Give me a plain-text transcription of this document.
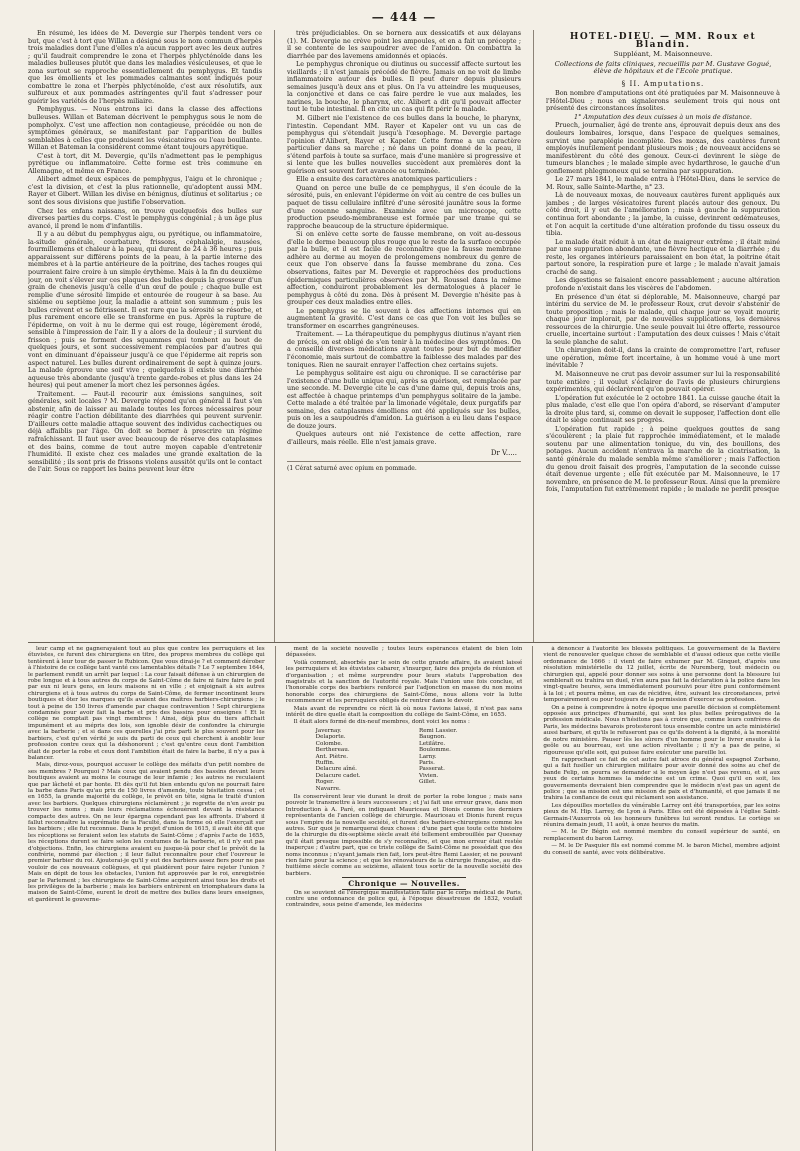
— 444 —

En résumé, les idées de M. Devergie sur l'herpès tendent vers ce but, que c'est à tort que Willan a désigné sous le nom commun d'herpès trois maladies dont l'une d'elles n'a aucun rapport avec les deux autres ; qu'il faudrait comprendre le zona et l'herpès phlycténoïde dans les maladies bulleuses plutôt que dans les maladies vésiculeuses, et que le zona surtout se rapproche essentiellement du pemphygus. Et tandis que les émollients et les pommades calmantes sont indiqués pour combattre le zona et l'herpès phlycténoïde, c'est aux résolutifs, aux sulfureux et aux pommades astringentes qu'il faut s'adresser pour guérir les variétés de l'herpès miliaire.

Pemphygus. — Nous entrons ici dans la classe des affections bulleuses. Willan et Bateman décrivent le pemphygus sous le nom de pompholyx. C'est une affection non contagieuse, précédée ou non de symptômes généraux, se manifestant par l'apparition de bulles semblables à celles que produisent les vésicatoires ou l'eau bouillante. Willan et Bateman la considèrent comme étant toujours apyrétique.

C'est à tort, dit M. Devergie, qu'ils n'admettent pas le pemphigus pyrétique ou inflammatoire. Cette forme est très commune en Allemagne, et même en France.

Alibert admet deux espèces de pemphygus, l'aigu et le chronique ; c'est la division, et c'est la plus rationnelle, qu'adoptent aussi MM. Rayer et Gibert. Willan les divise en bénignus, diutinus et solitarius ; ce sont des sous divisions que justifie l'observation.

Chez les enfans naissans, on trouve quelquefois des bulles sur diverses parties du corps. C'est le pemphygus congénial ; à un âge plus avancé, il prend le nom d'infantilis.

Il y a au début du pemphygus aigu, ou pyrétique, ou inflammatoire, la-situde générale, courbature, frissons, céphalalgie, nausées, fourmillemens et chaleur à la peau, qui durent de 24 à 36 heures ; puis apparaissent sur différens points de la peau, à la partie interne des membres et à la partie antérieure de la poitrine, des taches rouges qui pourraient faire croire à un simple érythème. Mais à la fin du deuxième jour, on voit s'élever sur ces plaques des bulles depuis la grosseur d'un grain de chenevis jusqu'à celle d'un œuf de poule ; chaque bulle est remplie d'une sérosité limpide et entourée de rougeur à sa base. Au sixième ou septième jour, la maladie a atteint son summum ; puis les bulles crèvent et se flétrissent. Il est rare que la sérosité se résorbe, et plus rarement encore elle se transforme en pus. Après la rupture de l'épiderme, on voit à nu le derme qui est rouge, légèrement érodé, sensible à l'impression de l'air. Il y a alors de la douleur ; il survient du frisson ; puis se forment des squammes qui tombent au bout de quelques jours, et sont successivement remplacées par d'autres qui vont en diminuant d'épaisseur jusqu'à ce que l'épiderme ait repris son aspect naturel. Les bulles durent ordinairement de sept à quinze jours. La malade éprouve une soif vive ; quelquefois il existe une diarrhée aqueuse très abondante (jusqu'à trente garde-robes et plus dans les 24 heures) qui peut amener la mort chez les personnes âgées.

Traitement. — Faut-il recourir aux émissions sanguines, soit générales, soit locales ? M. Devergie répond qu'en général il faut s'en abstenir, afin de laisser au malade toutes les forces nécessaires pour réagir contre l'action débilitante des diarrhées qui peuvent survenir. D'ailleurs cette maladie attaque souvent des individus cachectiques ou déjà affaiblis par l'âge. On doit se borner à prescrire un régime rafraîchissant. Il faut user avec beaucoup de réserve des cataplasmes et des bains, comme de tout autre moyen capable d'entretenir l'humidité. Il existe chez ces malades une grande exaltation de la sensibilité ; ils sont pris de frissons violens aussitôt qu'ils ont le contact de l'air. Sous ce rapport les bains peuvent leur être

très préjudiciables. On se bornera aux dessicatifs et aux délayans (1). M. Devergie ne crève point les ampoules, et en a fait un précepte ; il se contente de les saupoudrer avec de l'amidon. On combattra la diarrhée par des lavemens amidonnés et opiacés.

Le pemphygus chronique ou diutinus ou successif affecte surtout les vieillards ; il n'est jamais précédé de fièvre. Jamais on ne voit de limbe inflammatoire autour des bulles. Il peut durer depuis plusieurs semaines jusqu'à deux ans et plus. On l'a vu atteindre les muqueuses, la conjonctive et dans ce cas faire perdre le vue aux malades, les narines, la bouche, le pharynx, etc. Alibert a dit qu'il pouvait affecter tout le tube intestinal. Il en cite un cas qui fit périr le malade.

M. Gilbert nie l'existence de ces bulles dans la bouche, le pharynx, l'intestin. Cependant MM. Rayer et Kapeler ont vu un cas de pemphygus qui s'étendait jusqu'à l'œsophage. M. Devergie partage l'opinion d'Alibert, Rayer et Kapeler. Cette forme a un caractère particulier dans sa marche ; né dans un point donné de la peau, il s'étend parfois à toute sa surface, mais d'une manière si progressive et si lente que les bulles nouvelles succèdent aux premières dont la guérison est souvent fort avancée ou terminée.

Elle a ensuite des caractères anatomiques particuliers :

Quand on perce une bulle de ce pemphygus, il s'en écoule de la sérosité, puis, en enlevant l'épiderme on voit au centre de ces bulles un paquet de tissu cellulaire infiltré d'une sérosité jaunâtre sous la forme d'une couenne sanguine. Examinée avec un microscope, cette production pseudo-membraneuse est formée par une trame qui se rapproche beaucoup de la structure épidermique.

Si on enlève cette sorte de fausse membrane, on voit au-dessous d'elle le derme beaucoup plus rouge que le reste de la surface occupée par la bulle, et il est facile de reconnaître que la fausse membrane adhère au derme au moyen de prolongemens nombreux du genre de ceux que l'on observe dans la fausse membrane du zona. Ces observations, faites par M. Devergie et rapprochées des productions épidermiques particulières observées par M. Roussel dans la même affection, conduiront probablement les dermatologues à placer le pemphygus à côté du zona. Dès à présent M. Devergie n'hésite pas à grouper ces deux maladies entre elles.

Le pemphygus se lie souvent à des affections internes qui en augmentent la gravité. C'est dans ce cas que l'on voit les bulles se transformer en escarrhes gangréneuses.

Traitement. — La thérapeutique du pemphygus diutinus n'ayant rien de précis, on est obligé de s'en tenir à la médecine des symptômes. On a conseillé diverses médications ayant toutes pour but de modifier l'économie, mais surtout de combattre la faiblesse des malades par des toniques. Rien ne saurait enrayer l'affection chez certains sujets.

Le pemphygus solitaire est aigu ou chronique. Il se caractérise par l'existence d'une bulle unique qui, après sa guérison, est remplacée par une seconde. M. Devergie cite le cas d'une dame qui, depuis trois ans, est affectée à chaque printemps d'un pemphygus solitaire de la jambe. Cette malade a été traitée par la limonade végétale, deux purgatifs par semaine, des cataplasmes émolliens ont été appliqués sur les bulles, puis on les a saupoudrés d'amidon. La guérison a eu lieu dans l'espace de douze jours.

Quelques auteurs ont nié l'existence de cette affection, rare d'ailleurs, mais réelle. Elle n'est jamais grave.

Dr V.....
(1 Cérat saturné avec opium en pommade.
HOTEL-DIEU. — MM. Roux et Blandin.
Suppléant, M. Maisonneuve.
Collections de faits cliniques, recueillis par M. Gustave Gogué, élève de hôpitaux et de l'Ecole pratique.
§ II. Amputations.

Bon nombre d'amputations ont été pratiquées par M. Maisonneuve à l'Hôtel-Dieu ; nous en signalerons seulement trois qui nous ont présenté des circonstances insolites.

1° Amputation des deux cuisses à un mois de distance.

Pruech, journalier, âgé de trente ans, éprouvait depuis deux ans des douleurs lombaires, lorsque, dans l'espace de quelques semaines, survint une paraplégie incomplète. Des moxas, des cautères furent employés inutilement pendant plusieurs mois ; de nouveaux accidens se manifestèrent du côté des genoux. Ceux-ci devinrent le siège de tumeurs blanches ; le malade simple avec hydarthrose, le gauche d'un gonflement phlegmoneux qui se termina par suppuration.

Le 27 mars 1841, le malade entra à l'Hôtel-Dieu, dans le service de M. Roux, salle Sainte-Marthe, n° 23.

Là de nouveaux moxas, de nouveaux cautères furent appliqués aux jambes ; de larges vésicatoires furent placés autour des genoux. Du côté droit, il y eut de l'amélioration ; mais à gauche la suppuration continua fort abondante ; la jambe, la cuisse, devinrent œdémateuses, et l'on acquit la certitude d'une altération profonde du tissu osseux du tibia.

Le malade était réduit à un état de maigreur extrême ; il était miné par une suppuration abondante, une fièvre hectique et la diarrhée ; du reste, les organes intérieurs paraissaient en bon état, la poitrine était partout sonore, la respiration pure et large ; le malade n'avait jamais craché de sang.

Les digestions se faisaient encore passablement ; aucune altération profonde n'existait dans les viscères de l'abdomen.

En présence d'un état si déplorable, M. Maisonneuve, chargé par intérim du service de M. le professeur Roux, crut devoir s'abstenir de toute proposition ; mais le malade, qui chaque jour se voyait mourir, chaque jour implorait, par de nouvelles supplications, les dernières ressources de la chirurgie. Une seule pouvait lui être offerte, ressource cruelle, incertaine surtout : l'amputation des deux cuisses ! Mais c'était la seule planche de salut.

Un chirurgien doit-il, dans la crainte de compromettre l'art, refuser une opération, même fort incertaine, à un homme voué à une mort inévitable ?

M. Maisonneuve ne crut pas devoir assumer sur lui la responsabilité toute entière ; il voulut s'éclairer de l'avis de plusieurs chirurgiens expérimentés, qui déclarèrent qu'on pouvait opérer.

L'opération fut exécutée le 2 octobre 1841. La cuisse gauche était la plus malade, c'est elle que l'on opéra d'abord, se réservant d'amputer la droite plus tard, si, comme on devait le supposer, l'affection dont elle était le siège continuait ses progrès.

L'opération fut rapide ; à peine quelques gouttes de sang s'écoulèrent ; la plaie fut rapprochée immédiatement, et le malade soutenu par une alimentation tonique, du vin, des bouillons, des potages. Aucun accident n'entrava la marche de la cicatrisation, la santé générale du malade sembla même s'améliorer ; mais l'affection du genou droit faisait des progrès, l'amputation de la seconde cuisse était devenue urgente ; elle fut exécutée par M. Maisonneuve, le 17 novembre, en présence de M. le professeur Roux. Ainsi que la première fois, l'amputation fut extrêmement rapide ; le malade ne perdit presque

leur camp et ne gagnerayaient tout au plus que contre les perruquiers et les étuvistes, ce furent des chirurgiens en titre, des propres membres du collège qui tentèrent à leur tour de passer le Rubicon. Que vous dirai-je ? et comment dérober à l'histoire de ce collège tant vanté ces lamentables détails ? Le 7 septembre 1644, le parlement rendit un arrêt par lequel : La cour faisait défense à un chirurgien de robe longue et à tous autres du corps de Saint-Côme de faire ni faire faire le poil par eux ni leurs gens, en leurs maisons ni en ville ; et enjoignait à six autres chirurgiens et à tous autres du corps de Saint-Côme, de fermer incontinent leurs boutiques et ôter les marques qu'ils avaient des maîtres barbiers-chirurgiens ; le tout à peine de 150 livres d'amende par chaque contravention ! Sept chirurgiens condamnés pour avoir fait la barbe et pris des bassins pour enseignes ! Et le collège ne comptait pas vingt membres ! Ainsi, déjà plus du tiers affichait impunément et au mépris des lois, son ignoble désir de confondre la chirurgie avec la barberie ; et si dans ces querelles j'ai pris parti le plus souvent pour les barbiers, c'est qu'en vérité je suis du parti de ceux qui cherchent à anoblir leur profession contre ceux qui la déshonorent ; c'est qu'entre ceux dont l'ambition était de porter la robe et ceux dont l'ambition était de faire la barbe, il n'y a pas à balancer.

Mais, direz-vous, pourquoi accuser le collège des méfaits d'un petit nombre de ses membres ? Pourquoi ? Mais ceux qui avaient pendu des bassins devant leurs boutiques avaient au moins le courage de leur infamie ; les autres ne reculaient que par lâcheté et par honte. Et dès qu'il fut bien entendu qu'on ne pourrait faire la barbe dans Paris qu'au prix de 150 livres d'amende, toute hésitation cessa ; et en 1655, la grande majorité du collège, le prévôt en tête, signa le traité d'union avec les barbiers. Quelques chirurgiens réclamèrent ; je regrette de n'en avoir pu trouver les noms ; mais leurs réclamations échouèrent devant la résistance compacte des autres. On ne leur épargna cependant pas les affronts. D'abord il fallut reconnaître la suprématie de la Faculté, dans la forme où elle l'exerçait sur les barbiers ; elle fut reconnue. Dans le projet d'union de 1615, il avait été dit que les réceptions se feraient selon les statuts de Saint-Côme ; d'après l'acte de 1655, les réceptions durent se faire selon les coutumes de la barberie, et il n'y eut pas d'objections. Enfin, les chirurgiens avaient eu jusque-là pour chef le prévôt de la confrérie, nommé par élection ; il leur fallut reconnaître pour chef l'ouvreur le premier barbier du roi. Ajouterai-je qu'il y eut des barbiers assez fiers pour ne pas vouloir de ces nouveaux collègues, et qui plaidèrent pour faire rejeter l'union ? Mais en dépit de tous les obstacles, l'union fut approuvée par le roi, enregistrée par le Parlement ; les chirurgiens de Saint-Côme acquirent ainsi tous les droits et les privilèges de la barberie ; mais les barbiers entrèrent en triomphateurs dans la maison de Saint-Côme, eurent le droit de mettre des bulles dans leurs enseignes, et gardèrent le gouverne-

ment de la société nouvelle ; toutes leurs espérances étaient de bien loin dépassées.

Voilà comment, absorbés par le soin de cette grande affaire, ils avaient laissé les perruquiers et les étuvistes cabarer, s'insurger, faire des projets de réunion et d'organisation ; et même surprendre pour leurs statuts l'approbation des magistrats et la sanction de l'autorité royale. Mais l'union une fois conclue, et l'honorable corps des barbiers renforcé par l'adjonction en masse du non moins honorable corps des chirurgiens de Saint-Côme, nous allons voir la lutte recommencer et les perruquiers obligés de rentrer dans le devoir.

Mais avant de reprendre ce récit là où nous l'avions laissé, il n'est pas sans intérêt de dire quelle était la composition du collège de Saint-Côme, en 1655.

Il était alors formé de dix-neuf membres, dont voici les noms :

Javernay.	Remi Lassier.
Delaporte.	Baugnon.
Colombe.	Letilâtre.
Berthereau.	Boulomme.
Ant. Piètre.	Larny.
Ruffin.	Paris.
Delacure aîné.	Passerat.
Delacure cadet.	Vivien.
Roger.	Gillet.
Navarre.

Ils conservèrent leur vie durant le droit de porter la robe longue ; mais sans pouvoir le transmettre à leurs successeurs ; et j'ai fait une erreur grave, dans mon Introduction à A. Paré, en indiquant Mauriceau et Dionis comme les derniers représentants de l'ancien collège de chirurgie. Mauriceau et Dionis furent reçus sous l'empire de la nouvelle société, et furent des barbiers-chirurgiens comme les autres. Sur quoi je remarquerai deux choses : d'une part que toute cette histoire de la chirurgie du dix-septième siècle avait été tellement embrouillée par Quesnay qu'il était presque impossible de s'y reconnaître, et que mon erreur était restée inaperçue ; d'autre part, que ce triste collège de Saint-Côme ne possédait que des noms inconnus ; n'ayant jamais rien fait, lors peut-être Remi Lassier, et ne pouvant rien faire pour la science ; et que les rénovateurs de la chirurgie française, au dix-huitième siècle comme au seizième, allaient tous sortir de la nouvelle société des barbiers.

Chronique — Nouvelles.

On se souvient de l'énergique manifestation faite par le corps médical de Paris, contre une ordonnance de police qui, à l'époque désastreuse de 1832, voulait contraindre, sous peine d'amende, les médecins

à dénoncer à l'autorité les blessés politiques. Le gouvernement de la Bavière vient de renouveler quelque chose de semblable et d'aussi odieux que cette vieille ordonnance de 1666 : il vient de faire exhumer par M. Ginquet, d'après une résolution ministérielle du 12 juillet, écrite de Nuremberg, tout médecin ou chirurgien qui, appelé pour donner ses soins à une personne dont la blessure lui semblerait ou trahira un duel, n'en aura pas fait la déclaration à la police dans les vingt-quatre heures, sera immédiatement poursuivi pour être puni conformément à la loi ; et pourra même, en cas de récidive, être, suivant les circonstances, privé temporairement ou pour toujours de la permission d'exercer sa profession.

On a peine à comprendre à notre époque une pareille décision si complètement opposée aux principes d'humanité, qui sont les plus belles prérogatives de la profession médicale. Nous n'hésitons pas à croire que, comme leurs confrères de Paris, les médecins bavarois protesteront tous ensemble contre un acte ministériel aussi barbare, et qu'ils le refuseront pas ce qu'ils doivent à la dignité, à la moralité de notre ministère. Pauser lès les sûrers d'un homme pour le livrer ensuite à la geôle ou au bourreau, est une action révoltante ; il n'y a pas de peine, si rigoureuse qu'elle soit, qui puisse faire exécuter une pareille loi.

En rapprochant ce fait de cet autre fait atroce du général espagnol Zurbano, qui a fait fusiller un chirurgien militaire pour avoir donné des soins au chef de bande Felip, on pourra se demander si le moyen âge n'est pas revenu, et si aux yeux de certains hommes la médecine est un crime. Quoi qu'il en soit, les gouvernements devraient bien comprendre que le médecin n'est pas un agent de police ; que sa mission est une mission de paix et d'humanité, et que jamais il ne trahira la confiance de ceux qui réclament son assistance.

Les dépouilles mortelles du vénérable Larrey ont été transportées, par les soins pieux de M. Hip. Larrey, de Lyon à Paris. Elles ont été déposées à l'église Saint-Germain-l'Auxerrois où les honneurs funèbres lui seront rendus. Le cortège se réunira demain jeudi, 11 août, à onze heures du matin.

— M. le Dr Bégin est nommé membre du conseil supérieur de santé, en remplacement du baron Larrey.

— M. le Dr Pasquier fils est nommé comme M. le baron Michel, membre adjoint du conseil de santé, avec voix délibérative.
